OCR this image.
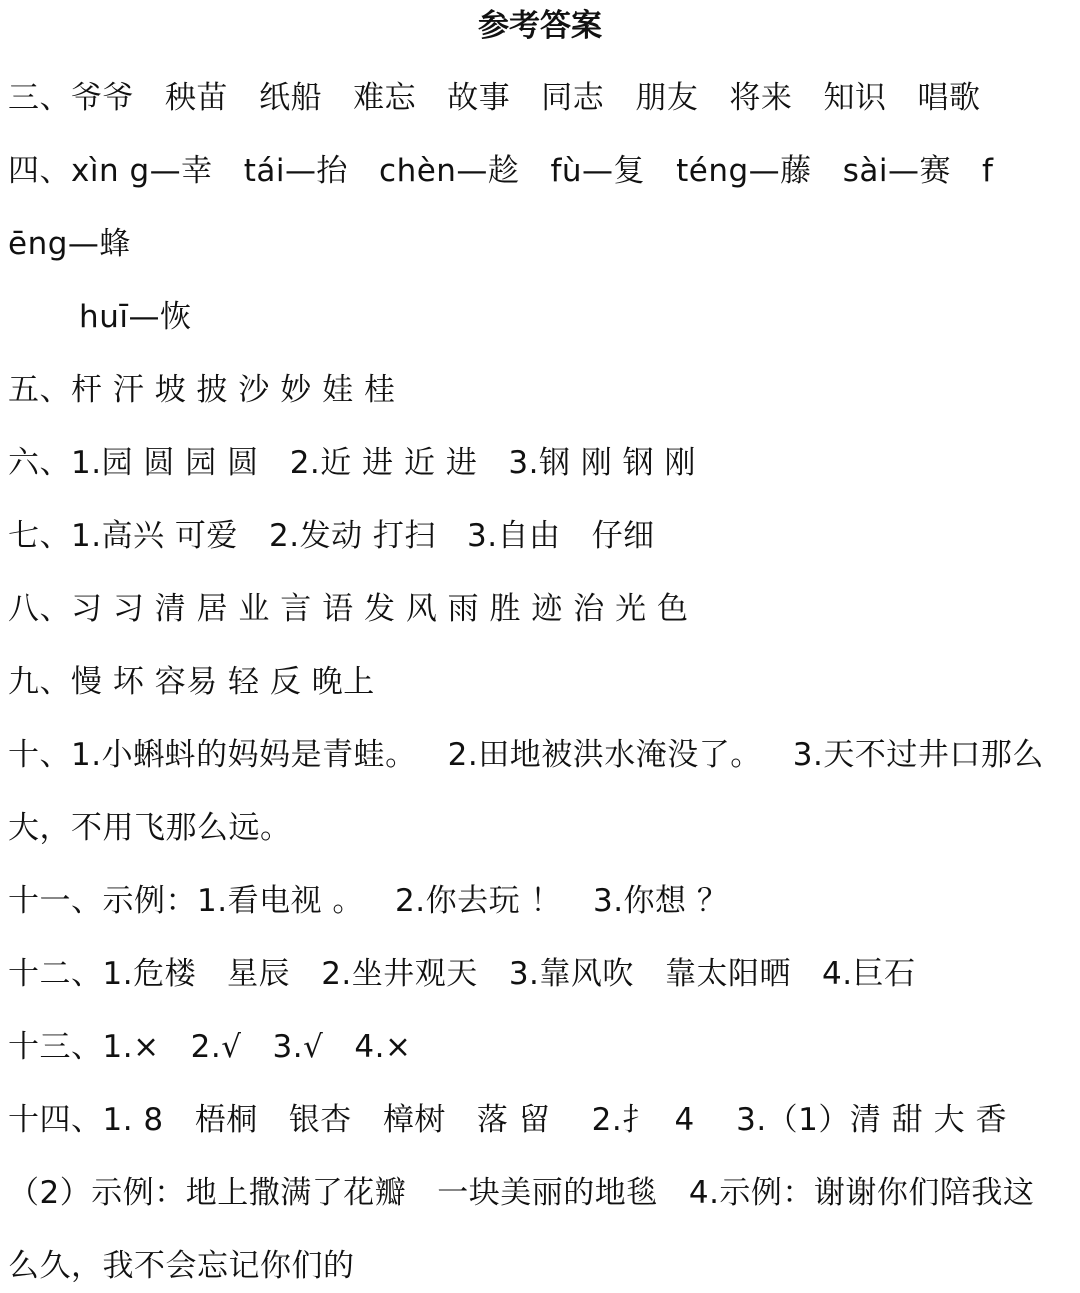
参考答案
三、爷爷   秧苗   纸船   难忘   故事   同志   朋友   将来   知识   唱歌
四、xìn g—幸   tái—抬   chèn—趁   fù—复   téng—藤   sài—赛   f
ēng—蜂
huī—恢
五、杆 汗 坡 披 沙 妙 娃 桂
六、1.园 圆 园 圆   2.近 进 近 进   3.钢 刚 钢 刚
七、1.高兴 可爱   2.发动 打扫   3.自由   仔细
八、习 习 清 居 业 言 语 发 风 雨 胜 迹 治 光 色
九、慢 坏 容易 轻 反 晚上
十、1.小蝌蚪的妈妈是青蛙。   2.田地被洪水淹没了。   3.天不过井口那么
大，不用飞那么远。
十一、示例：1.看电视 。   2.你去玩 ！   3.你想 ？
十二、1.危楼   星辰   2.坐井观天   3.靠风吹   靠太阳晒   4.巨石
十三、1.×   2.√   3.√   4.×
十四、1. 8   梧桐   银杏   樟树   落 留    2.扌  4    3.（1）清 甜 大 香
（2）示例：地上撒满了花瓣   一块美丽的地毯   4.示例：谢谢你们陪我这
么久，我不会忘记你们的
